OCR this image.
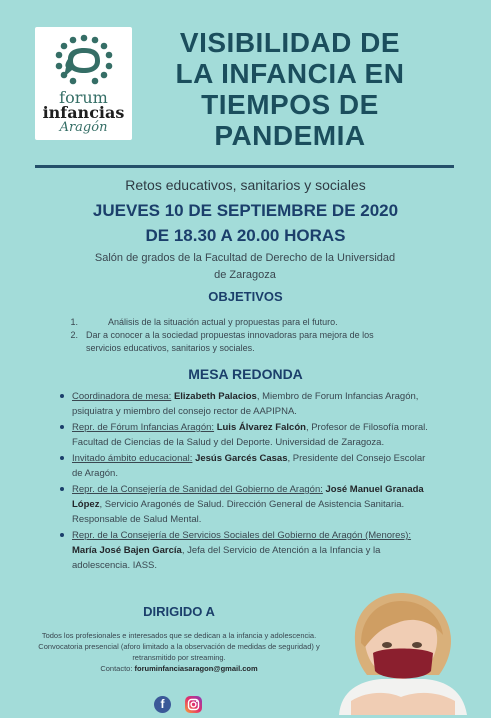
forum
infancias
Aragón
VISIBILIDAD DE
LA INFANCIA EN
TIEMPOS DE
PANDEMIA
Retos educativos, sanitarios y sociales
JUEVES 10 DE SEPTIEMBRE DE 2020
DE 18.30 A 20.00 HORAS
Salón de grados de la Facultad de Derecho de la Universidad
de Zaragoza
OBJETIVOS
1.	Análisis de la situación actual y propuestas para el futuro.
2. Dar a conocer a la sociedad propuestas innovadoras para mejora de los servicios educativos, sanitarios y sociales.
MESA REDONDA
Coordinadora de mesa: Elizabeth Palacios, Miembro de Forum Infancias Aragón, psiquiatra y miembro del consejo rector de AAPIPNA.
Repr. de Fórum Infancias Aragón: Luis Álvarez Falcón, Profesor de Filosofía moral. Facultad de Ciencias de la Salud y del Deporte. Universidad de Zaragoza.
Invitado ámbito educacional: Jesús Garcés Casas, Presidente del Consejo Escolar de Aragón.
Repr. de la Consejería de Sanidad del Gobierno de Aragón: José Manuel Granada López, Servicio Aragonés de Salud. Dirección General de Asistencia Sanitaria. Responsable de Salud Mental.
Repr. de la Consejería de Servicios Sociales del Gobierno de Aragón (Menores): María José Bajen García, Jefa del Servicio de Atención a la Infancia y la adolescencia. IASS.
DIRIGIDO A
Todos los profesionales e interesados que se dedican a la infancia y adolescencia.
Convocatoria presencial (aforo limitado a la observación de medidas de seguridad) y retransmitido por streaming.
Contacto: foruminfanciasaragon@gmail.com
f
